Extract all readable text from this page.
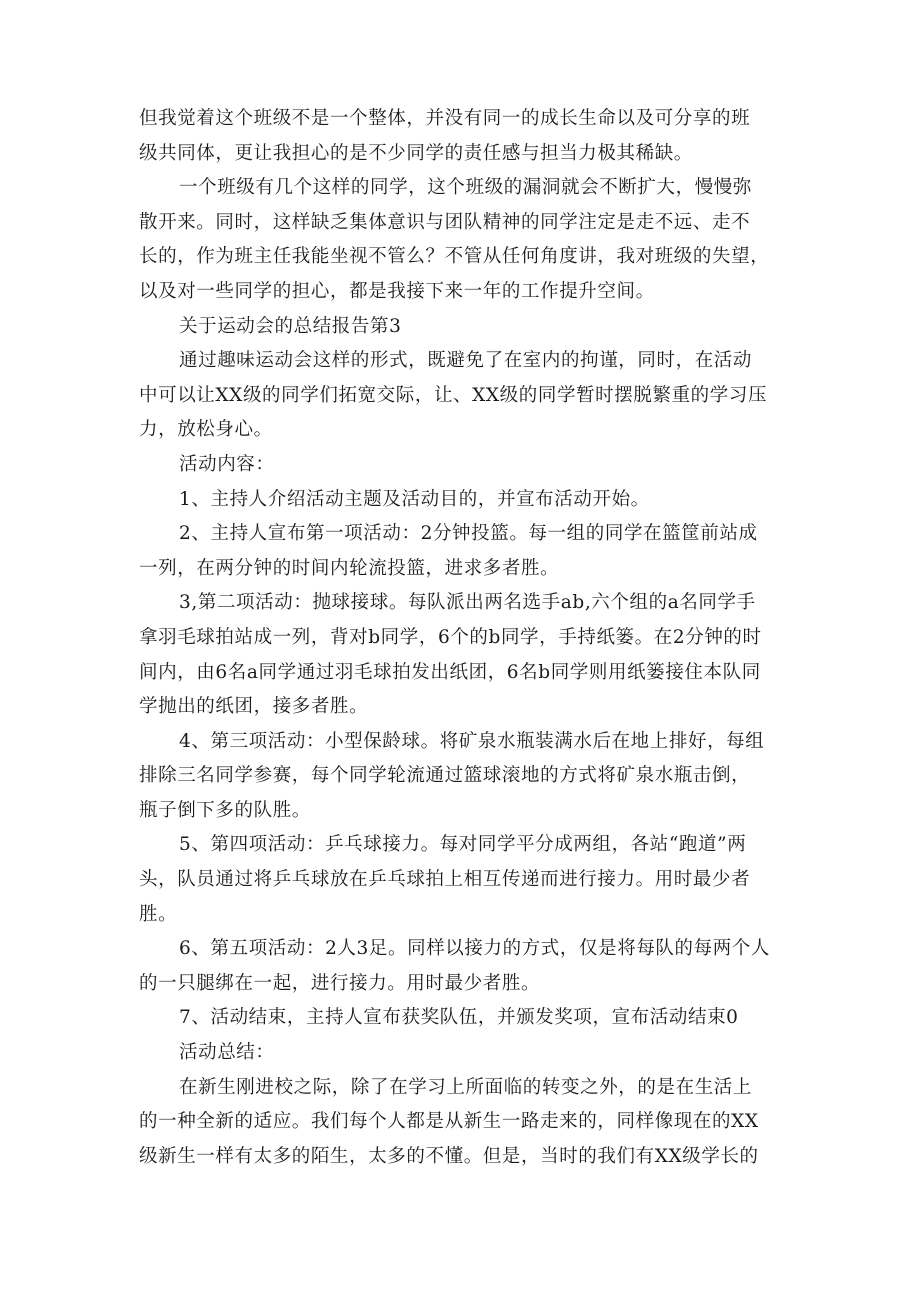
但我觉着这个班级不是一个整体，并没有同一的成长生命以及可分享的班
级共同体，更让我担心的是不少同学的责任感与担当力极其稀缺。
一个班级有几个这样的同学，这个班级的漏洞就会不断扩大，慢慢弥
散开来。同时，这样缺乏集体意识与团队精神的同学注定是走不远、走不
长的，作为班主任我能坐视不管么？不管从任何角度讲，我对班级的失望，
以及对一些同学的担心，都是我接下来一年的工作提升空间。
关于运动会的总结报告第3
通过趣味运动会这样的形式，既避免了在室内的拘谨，同时，在活动
中可以让XX级的同学们拓宽交际，让、XX级的同学暂时摆脱繁重的学习压
力，放松身心。
活动内容：
1、主持人介绍活动主题及活动目的，并宣布活动开始。
2、主持人宣布第一项活动：2分钟投篮。每一组的同学在篮筐前站成
一列，在两分钟的时间内轮流投篮，进求多者胜。
3,第二项活动：抛球接球。每队派出两名选手ab,六个组的a名同学手
拿羽毛球拍站成一列，背对b同学，6个的b同学，手持纸篓。在2分钟的时
间内，由6名a同学通过羽毛球拍发出纸团，6名b同学则用纸篓接住本队同
学抛出的纸团，接多者胜。
4、第三项活动：小型保龄球。将矿泉水瓶装满水后在地上排好，每组
排除三名同学参赛，每个同学轮流通过篮球滚地的方式将矿泉水瓶击倒，
瓶子倒下多的队胜。
5、第四项活动：乒乓球接力。每对同学平分成两组，各站“跑道”两
头，队员通过将乒乓球放在乒乓球拍上相互传递而进行接力。用时最少者
胜。
6、第五项活动：2人3足。同样以接力的方式，仅是将每队的每两个人
的一只腿绑在一起，进行接力。用时最少者胜。
7、活动结束，主持人宣布获奖队伍，并颁发奖项，宣布活动结束0
活动总结：
在新生刚进校之际，除了在学习上所面临的转变之外，的是在生活上
的一种全新的适应。我们每个人都是从新生一路走来的，同样像现在的XX
级新生一样有太多的陌生，太多的不懂。但是，当时的我们有XX级学长的
